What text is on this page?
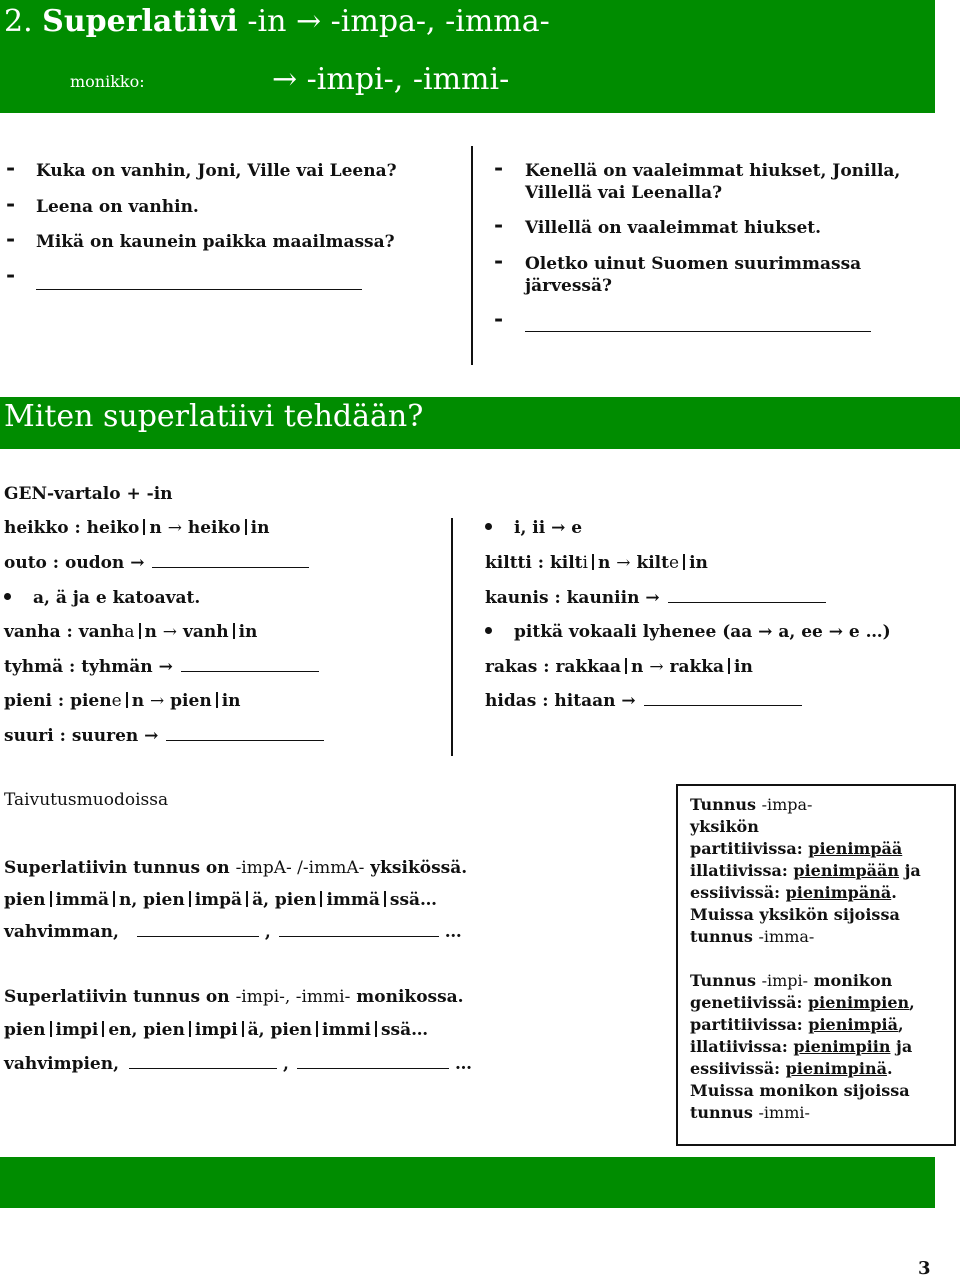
2. Superlatiivi -in → -impa-, -imma-
monikko:	→ -impi-, -immi-
- Kuka on vanhin, Joni, Ville vai Leena?
- Leena on vanhin.
- Mikä on kaunein paikka maailmassa?
-
- Kenellä on vaaleimmat hiukset, Jonilla,
Villellä vai Leenalla?
- Villellä on vaaleimmat hiukset.
- Oletko uinut Suomen suurimmassa
järvessä?
-
Miten superlatiivi tehdään?
GEN-vartalo + -in
heikko : heiko n → heiko in
outo : oudon →
a, ä ja e katoavat.
vanha : vanha n → vanh in
tyhmä : tyhmän →
pieni : piene n → pien in
suuri : suuren →
i, ii → e
kiltti : kilti n → kilte in
kaunis : kauniin →
pitkä vokaali lyhenee (aa → a, ee → e …)
rakas : rakkaa n → rakka in
hidas : hitaan →
Taivutusmuodoissa
Superlatiivin tunnus on -impA- /-immA- yksikössä.
pien immä n, pien impä ä, pien immä ssä…
vahvimman,	,	…
Superlatiivin tunnus on -impi-, -immi- monikossa.
pien impi en, pien impi ä, pien immi ssä…
vahvimpien,	,	…
Tunnus -impa-
yksikön
partitiivissa: pienimpää
illatiivissa: pienimpään ja
essiivissä: pienimpänä.
Muissa yksikön sijoissa
tunnus -imma-
Tunnus -impi- monikon
genetiivissä: pienimpien,
partitiivissa: pienimpiä,
illatiivissa: pienimpiin ja
essiivissä: pienimpinä.
Muissa monikon sijoissa
tunnus -immi-
3
